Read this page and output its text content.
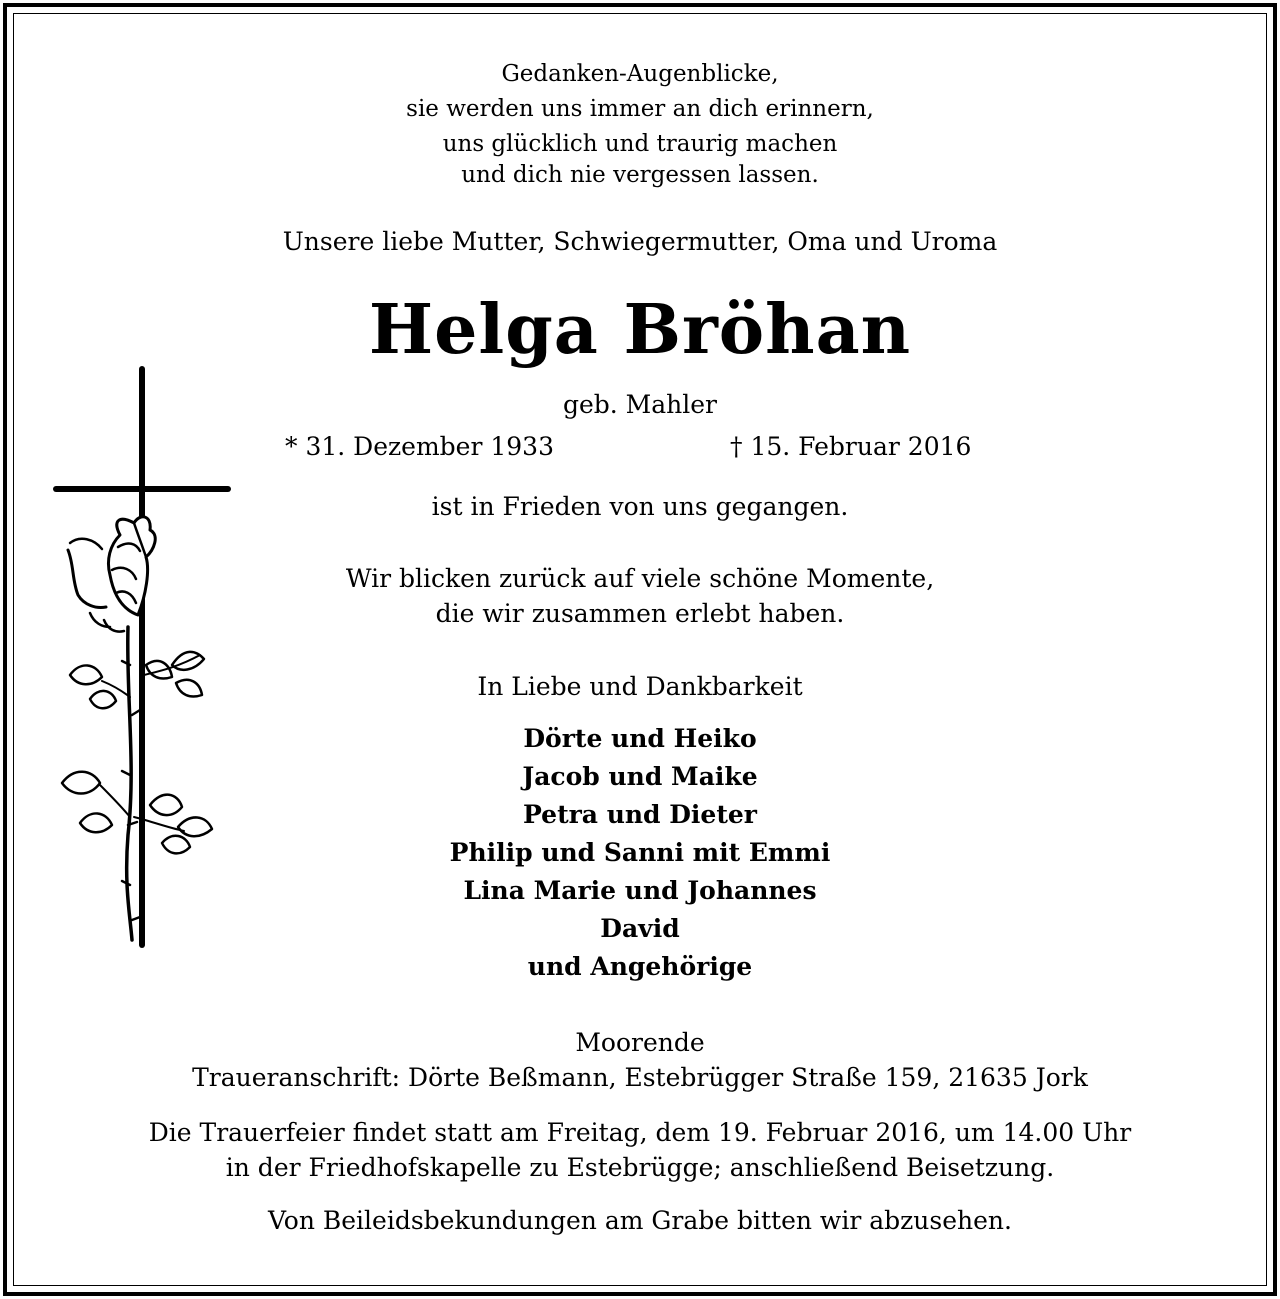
Gedanken-Augenblicke,
sie werden uns immer an dich erinnern,
uns glücklich und traurig machen
und dich nie vergessen lassen.
Unsere liebe Mutter, Schwiegermutter, Oma und Uroma
Helga Bröhan
geb. Mahler
* 31. Dezember 1933	† 15. Februar 2016
ist in Frieden von uns gegangen.
Wir blicken zurück auf viele schöne Momente,
die wir zusammen erlebt haben.
In Liebe und Dankbarkeit
Dörte und Heiko
Jacob und Maike
Petra und Dieter
Philip und Sanni mit Emmi
Lina Marie und Johannes
David
und Angehörige
Moorende
Traueranschrift: Dörte Beßmann, Estebrügger Straße 159, 21635 Jork
Die Trauerfeier findet statt am Freitag, dem 19. Februar 2016, um 14.00 Uhr
in der Friedhofskapelle zu Estebrügge; anschließend Beisetzung.
Von Beileidsbekundungen am Grabe bitten wir abzusehen.
